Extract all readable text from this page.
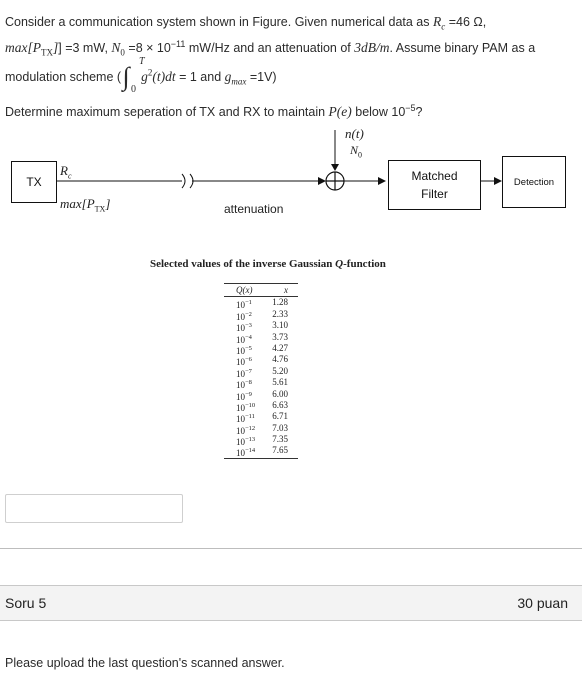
Consider a communication system shown in Figure. Given numerical data as $R_c =46$ Ω,
$\max[P_{TX}]] =3$ mW, $N_0 =8 \times 10^{-11}$ mW/Hz and an attenuation of 3dB/m. Assume binary PAM as a
modulation scheme ( ∫ T
0
$g^2(t)dt = 1$ and $g_{max} =1V$)
Determine maximum seperation of TX and RX to maintain P(e) below $10^{-5}$?
TX
$R_c$
$\max[P_{TX}]$	attenuation
n(t)
$N_0$
Matched
Filter
Detection
Selected values of the inverse Gaussian Q-function
Q(x)	x
$10^{-1}$ 1.28
$10^{-2}$ 2.33
$10^{-3}$ 3.10
$10^{-4}$ 3.73
$10^{-5}$ 4.27
$10^{-6}$ 4.76
$10^{-7}$ 5.20
$10^{-8}$ 5.61
$10^{-9}$ 6.00
$10^{-10}$ 6.63
$10^{-11}$ 6.71
$10^{-12}$ 7.03
$10^{-13}$ 7.35
$10^{-14}$ 7.65
Soru 5	30 puan
Please upload the last question's scanned answer.
